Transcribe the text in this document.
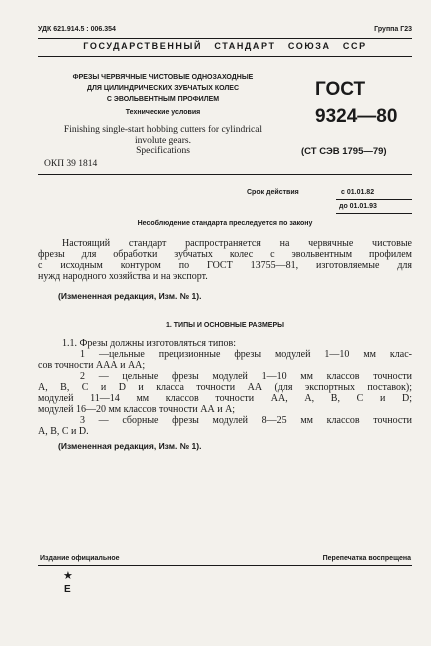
УДК 621.914.5 : 006.354	Группа Г23
ГОСУДАРСТВЕННЫЙ   СТАНДАРТ   СОЮЗА   ССР
ФРЕЗЫ ЧЕРВЯЧНЫЕ ЧИСТОВЫЕ ОДНОЗАХОДНЫЕ
ДЛЯ ЦИЛИНДРИЧЕСКИХ ЗУБЧАТЫХ КОЛЕС
С ЭВОЛЬВЕНТНЫМ ПРОФИЛЕМ
Технические условия
Finishing single-start hobbing cutters for cylindrical
involute gears.
Specifications
ГОСТ
9324—80
(СТ СЭВ 1795—79)
ОКП 39 1814
Срок действия	с 01.01.82
до 01.01.93
Несоблюдение стандарта преследуется по закону
Настоящий стандарт распространяется на червячные чистовые
фрезы для обработки зубчатых колес с эвольвентным профилем
с исходным контуром по ГОСТ 13755—81, изготовляемые для
нужд народного хозяйства и на экспорт.
(Измененная редакция, Изм. № 1).
1. ТИПЫ И ОСНОВНЫЕ РАЗМЕРЫ
1.1. Фрезы должны изготовляться типов:
1 —цельные прецизионные фрезы модулей 1—10 мм клас-
сов точности ААА и АА;
2 — цельные фрезы модулей 1—10 мм классов точности
А, В, С и D и класса точности АА (для экспортных поставок);
модулей 11—14 мм классов точности АА, А, В, С и D;
модулей 16—20 мм классов точности АА и А;
3 — сборные фрезы модулей 8—25 мм классов точности
А, В, С и D.
(Измененная редакция, Изм. № 1).
Издание официальное	Перепечатка воспрещена
★
Е
